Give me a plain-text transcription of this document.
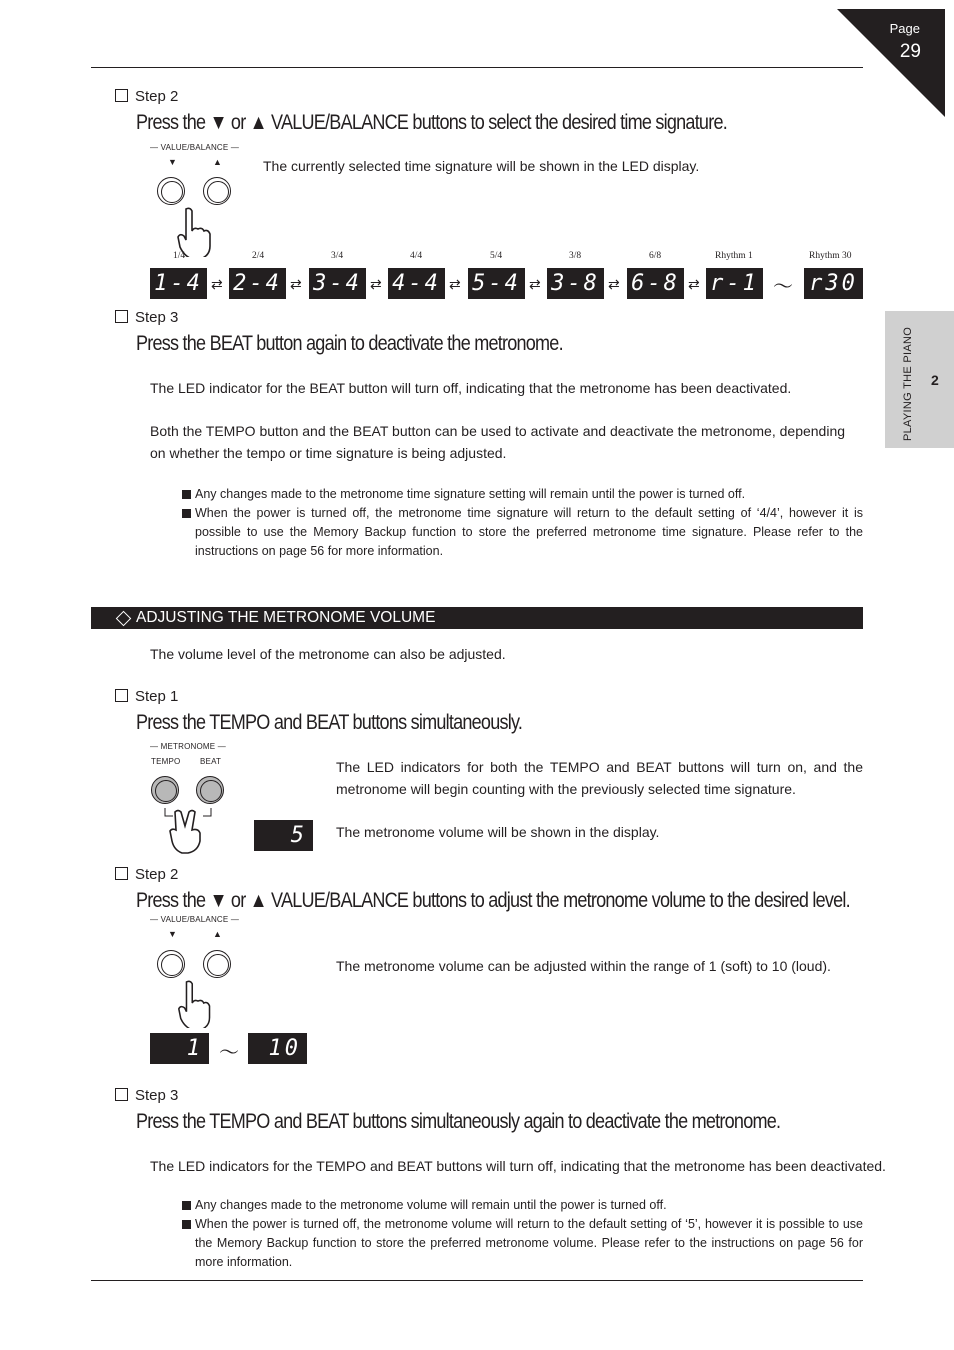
Page
29
PLAYING THE PIANO 2
Step 2
Press the ▼ or ▲ VALUE/BALANCE buttons to select the desired time signature.
— VALUE/BALANCE —
▼	▲	The currently selected time signature will be shown in the LED display.
1/4	2/4	3/4	4/4	5/4	3/8	6/8	Rhythm 1	Rhythm 30
1-4 ⇄ 2-4 ⇄ 3-4 ⇄ 4-4 ⇄ 5-4 ⇄ 3-8 ⇄ 6-8 ⇄ r-1 ～ r30
Step 3
Press the BEAT button again to deactivate the metronome.
The LED indicator for the BEAT button will turn off, indicating that the metronome has been deactivated.
Both the TEMPO button and the BEAT button can be used to activate and deactivate the metronome, depending on whether the tempo or time signature is being adjusted.
Any changes made to the metronome time signature setting will remain until the power is turned off.
When the power is turned off, the metronome time signature will return to the default setting of ‘4/4’, however it is possible to use the Memory Backup function to store the preferred metronome time signature. Please refer to the instructions on page 56 for more information.
ADJUSTING THE METRONOME VOLUME
The volume level of the metronome can also be adjusted.
Step 1
Press the TEMPO and BEAT buttons simultaneously.
— METRONOME —
TEMPO BEAT
5
The LED indicators for both the TEMPO and BEAT buttons will turn on, and the metronome will begin counting with the previously selected time signature.
The metronome volume will be shown in the display.
Step 2
Press the ▼ or ▲ VALUE/BALANCE buttons to adjust the metronome volume to the desired level.
— VALUE/BALANCE —
▼	▲
The metronome volume can be adjusted within the range of 1 (soft) to 10 (loud).
1 ～	10
Step 3
Press the TEMPO and BEAT buttons simultaneously again to deactivate the metronome.
The LED indicators for the TEMPO and BEAT buttons will turn off, indicating that the metronome has been deactivated.
Any changes made to the metronome volume will remain until the power is turned off.
When the power is turned off, the metronome volume will return to the default setting of ‘5’, however it is possible to use the Memory Backup function to store the preferred metronome volume. Please refer to the instructions on page 56 for more information.
